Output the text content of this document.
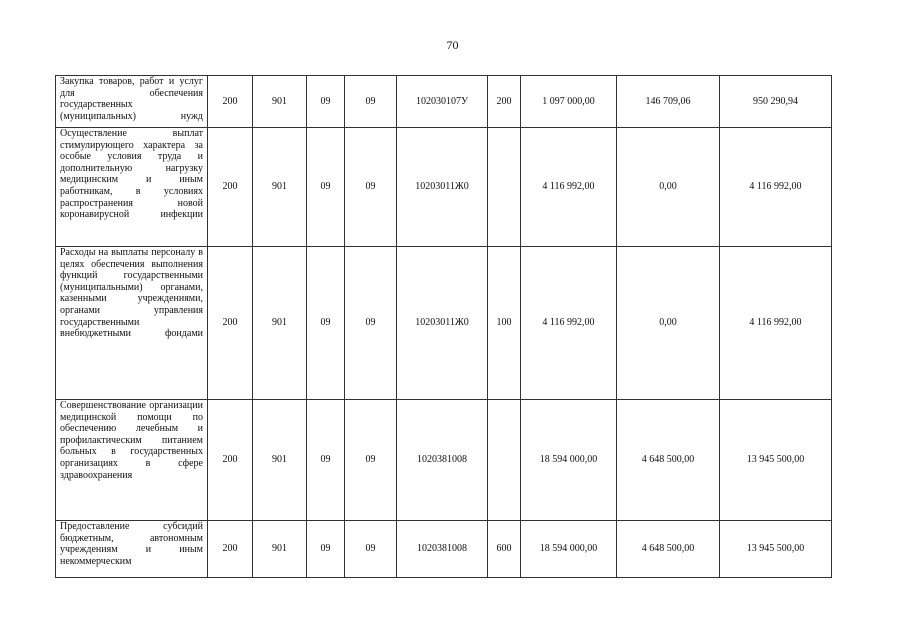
70
Закупка товаров, работ и услуг для обеспечения государственных (муниципальных) нужд	200	901	09	09	102030107У	200	1 097 000,00	146 709,06	950 290,94
Осуществление выплат стимулирующего характера за особые условия труда и дополнительную нагрузку медицинским и иным работникам, в условиях распространения новой коронавирусной инфекции	200	901	09	09	10203011Ж0		4 116 992,00	0,00	4 116 992,00
Расходы на выплаты персоналу в целях обеспечения выполнения функций государственными (муниципальными) органами, казенными учреждениями, органами управления государственными внебюджетными фондами	200	901	09	09	10203011Ж0	100	4 116 992,00	0,00	4 116 992,00
Совершенствование организации медицинской помощи по обеспечению лечебным и профилактическим питанием больных в государственных организациях в сфере здравоохранения	200	901	09	09	1020381008		18 594 000,00	4 648 500,00	13 945 500,00
Предоставление субсидий бюджетным, автономным учреждениям и иным некоммерческим	200	901	09	09	1020381008	600	18 594 000,00	4 648 500,00	13 945 500,00
